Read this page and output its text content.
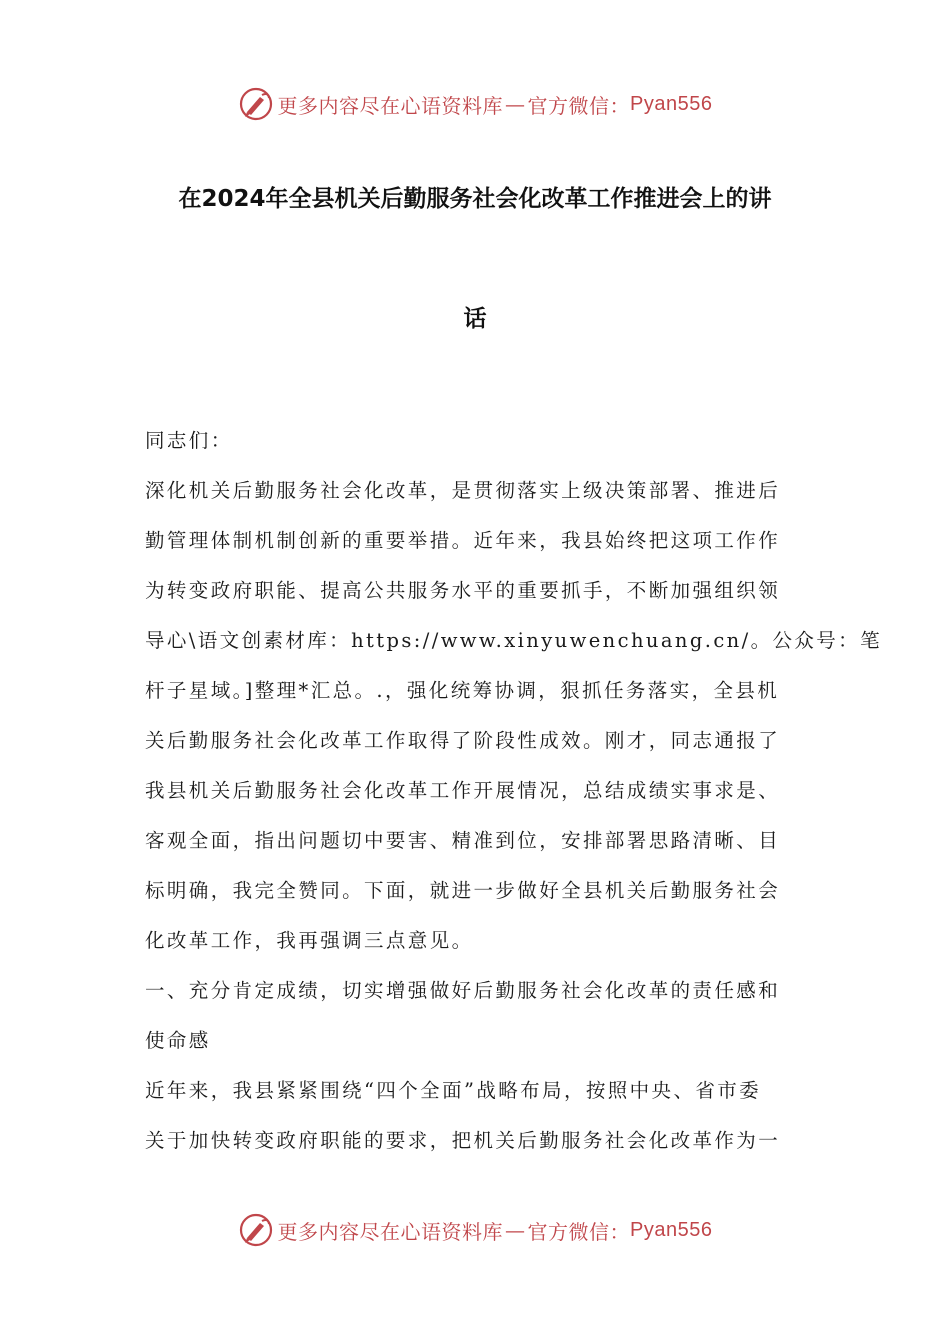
更多内容尽在心语资料库 — 官方微信： Pyan556
在2024年全县机关后勤服务社会化改革工作推进会上的讲
话
同志们：
深化机关后勤服务社会化改革，是贯彻落实上级决策部署、推进后
勤管理体制机制创新的重要举措。近年来，我县始终把这项工作作
为转变政府职能、提高公共服务水平的重要抓手，不断加强组织领
导心\语文创素材库：https://www.xinyuwenchuang.cn/。公众号：笔
杆子星域。]整理*汇总。.，强化统筹协调，狠抓任务落实，全县机
关后勤服务社会化改革工作取得了阶段性成效。刚才，同志通报了
我县机关后勤服务社会化改革工作开展情况，总结成绩实事求是、
客观全面，指出问题切中要害、精准到位，安排部署思路清晰、目
标明确，我完全赞同。下面，就进一步做好全县机关后勤服务社会
化改革工作，我再强调三点意见。
一、充分肯定成绩，切实增强做好后勤服务社会化改革的责任感和
使命感
近年来，我县紧紧围绕“四个全面”战略布局，按照中央、省市委
关于加快转变政府职能的要求，把机关后勤服务社会化改革作为一
更多内容尽在心语资料库 — 官方微信： Pyan556
